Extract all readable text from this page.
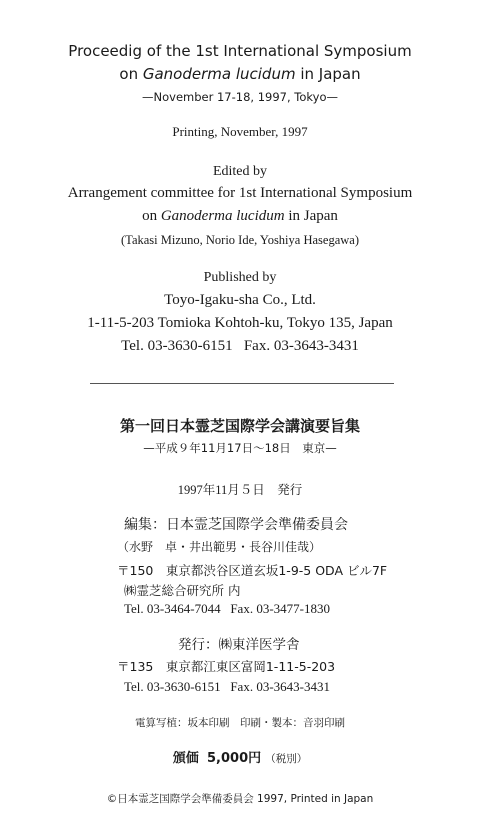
Proceedig of the 1st International Symposium
on Ganoderma lucidum in Japan
—November 17-18, 1997, Tokyo—
Printing, November, 1997
Edited by
Arrangement committee for 1st International Symposium
on Ganoderma lucidum in Japan
(Takasi Mizuno, Norio Ide, Yoshiya Hasegawa)
Published by
Toyo-Igaku-sha Co., Ltd.
1-11-5-203 Tomioka Kohtoh-ku, Tokyo 135, Japan
Tel. 03-3630-6151   Fax. 03-3643-3431
第一回日本霊芝国際学会講演要旨集
—平成９年11月17日〜18日　東京—
1997年11月５日　発行
編集：日本霊芝国際学会準備委員会
（水野　卓・井出範男・長谷川佳哉）
〒150　東京都渋谷区道玄坂1-9-5 ODA ビル7F
㈱霊芝総合研究所 内
Tel. 03-3464-7044   Fax. 03-3477-1830
発行：㈱東洋医学舎
〒135　東京都江東区富岡1-11-5-203
Tel. 03-3630-6151   Fax. 03-3643-3431
電算写植：坂本印刷　印刷・製本：音羽印刷
頒価 5,000円 （税別）
©日本霊芝国際学会準備委員会 1997, Printed in Japan
